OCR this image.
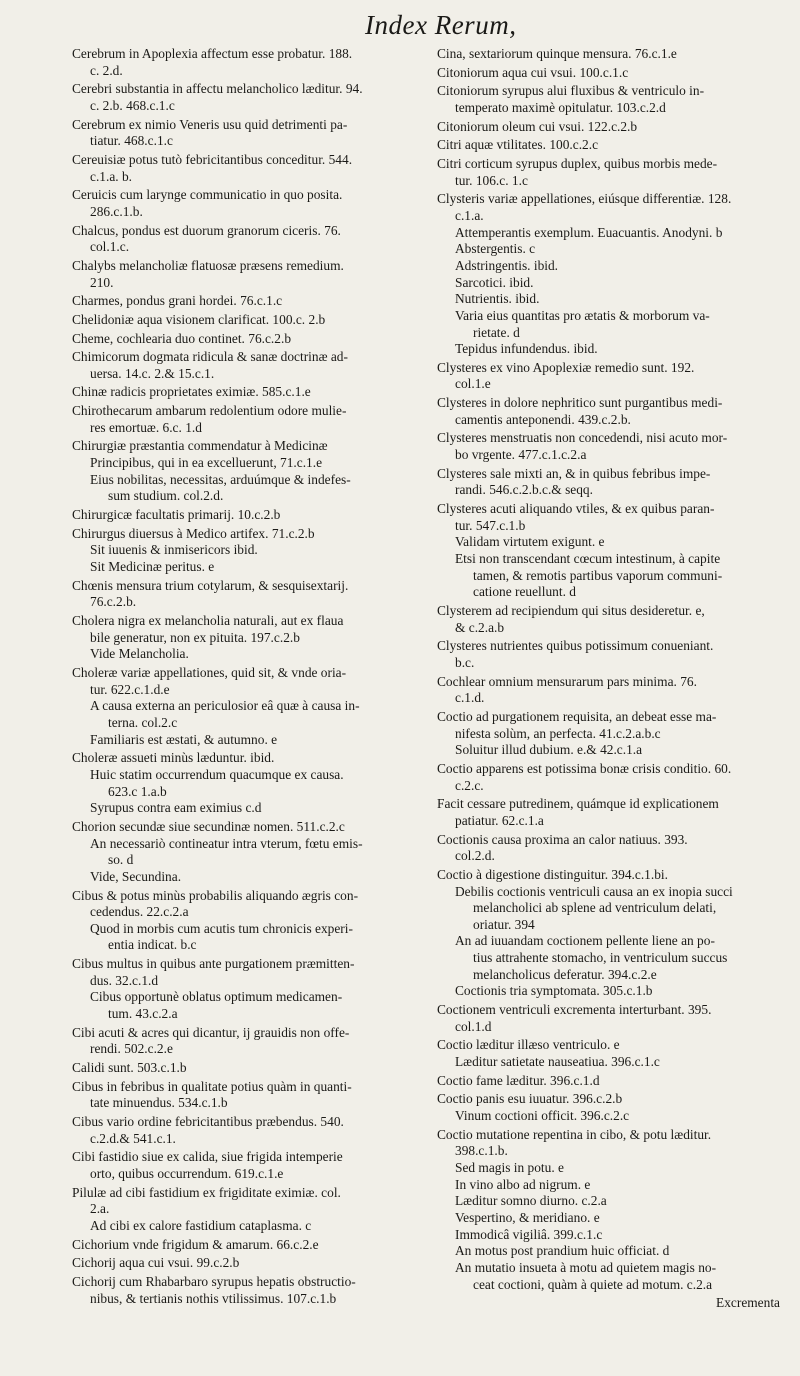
Index Rerum,
Cerebrum in Apoplexia affectum esse probatur. 188.
c. 2.d.
Cerebri substantia in affectu melancholico læditur. 94.
c. 2.b. 468.c.1.c
Cerebrum ex nimio Veneris usu quid detrimenti pa-
tiatur. 468.c.1.c
Cereuisiæ potus tutò febricitantibus conceditur. 544.
c.1.a. b.
Ceruicis cum larynge communicatio in quo posita.
286.c.1.b.
Chalcus, pondus est duorum granorum ciceris. 76.
col.1.c.
Chalybs melancholiæ flatuosæ præsens remedium.
210.
Charmes, pondus grani hordei. 76.c.1.c
Chelidoniæ aqua visionem clarificat. 100.c. 2.b
Cheme, cochlearia duo continet. 76.c.2.b
Chimicorum dogmata ridicula & sanæ doctrinæ ad-
uersa. 14.c. 2.& 15.c.1.
Chinæ radicis proprietates eximiæ. 585.c.1.e
Chirothecarum ambarum redolentium odore mulie-
res emortuæ. 6.c. 1.d
Chirurgiæ præstantia commendatur à Medicinæ
Principibus, qui in ea excelluerunt, 71.c.1.e
Eius nobilitas, necessitas, arduúmque & indefes-
sum studium. col.2.d.
Chirurgicæ facultatis primarij. 10.c.2.b
Chirurgus diuersus à Medico artifex. 71.c.2.b
Sit iuuenis & inmisericors ibid.
Sit Medicinæ peritus. e
Chœnis mensura trium cotylarum, & sesquisextarij.
76.c.2.b.
Cholera nigra ex melancholia naturali, aut ex flaua
bile generatur, non ex pituita. 197.c.2.b
Vide Melancholia.
Choleræ variæ appellationes, quid sit, & vnde oria-
tur. 622.c.1.d.e
A causa externa an periculosior eâ quæ à causa in-
terna. col.2.c
Familiaris est æstati, & autumno. e
Choleræ assueti minùs læduntur. ibid.
Huic statim occurrendum quacumque ex causa.
623.c 1.a.b
Syrupus contra eam eximius c.d
Chorion secundæ siue secundinæ nomen. 511.c.2.c
An necessariò contineatur intra vterum, fœtu emis-
so. d
Vide, Secundina.
Cibus & potus minùs probabilis aliquando ægris con-
cedendus. 22.c.2.a
Quod in morbis cum acutis tum chronicis experi-
entia indicat. b.c
Cibus multus in quibus ante purgationem præmitten-
dus. 32.c.1.d
Cibus opportunè oblatus optimum medicamen-
tum. 43.c.2.a
Cibi acuti & acres qui dicantur, ij grauidis non offe-
rendi. 502.c.2.e
Calidi sunt. 503.c.1.b
Cibus in febribus in qualitate potius quàm in quanti-
tate minuendus. 534.c.1.b
Cibus vario ordine febricitantibus præbendus. 540.
c.2.d.& 541.c.1.
Cibi fastidio siue ex calida, siue frigida intemperie
orto, quibus occurrendum. 619.c.1.e
Pilulæ ad cibi fastidium ex frigiditate eximiæ. col.
2.a.
Ad cibi ex calore fastidium cataplasma. c
Cichorium vnde frigidum & amarum. 66.c.2.e
Cichorij aqua cui vsui. 99.c.2.b
Cichorij cum Rhabarbaro syrupus hepatis obstructio-
nibus, & tertianis nothis vtilissimus. 107.c.1.b
Cina, sextariorum quinque mensura. 76.c.1.e
Citoniorum aqua cui vsui. 100.c.1.c
Citoniorum syrupus alui fluxibus & ventriculo in-
temperato maximè opitulatur. 103.c.2.d
Citoniorum oleum cui vsui. 122.c.2.b
Citri aquæ vtilitates. 100.c.2.c
Citri corticum syrupus duplex, quibus morbis mede-
tur. 106.c. 1.c
Clysteris variæ appellationes, eiúsque differentiæ. 128.
c.1.a.
Attemperantis exemplum. Euacuantis. Anodyni. b
Abstergentis. c
Adstringentis. ibid.
Sarcotici. ibid.
Nutrientis. ibid.
Varia eius quantitas pro ætatis & morborum va-
rietate. d
Tepidus infundendus. ibid.
Clysteres ex vino Apoplexiæ remedio sunt. 192.
col.1.e
Clysteres in dolore nephritico sunt purgantibus medi-
camentis anteponendi. 439.c.2.b.
Clysteres menstruatis non concedendi, nisi acuto mor-
bo vrgente. 477.c.1.c.2.a
Clysteres sale mixti an, & in quibus febribus impe-
randi. 546.c.2.b.c.& seqq.
Clysteres acuti aliquando vtiles, & ex quibus paran-
tur. 547.c.1.b
Validam virtutem exigunt. e
Etsi non transcendant cœcum intestinum, à capite
tamen, & remotis partibus vaporum communi-
catione reuellunt. d
Clysterem ad recipiendum qui situs desideretur. e,
& c.2.a.b
Clysteres nutrientes quibus potissimum conueniant.
b.c.
Cochlear omnium mensurarum pars minima. 76.
c.1.d.
Coctio ad purgationem requisita, an debeat esse ma-
nifesta solùm, an perfecta. 41.c.2.a.b.c
Soluitur illud dubium. e.& 42.c.1.a
Coctio apparens est potissima bonæ crisis conditio. 60.
c.2.c.
Facit cessare putredinem, quámque id explicationem
patiatur. 62.c.1.a
Coctionis causa proxima an calor natiuus. 393.
col.2.d.
Coctio à digestione distinguitur. 394.c.1.bi.
Debilis coctionis ventriculi causa an ex inopia succi
melancholici ab splene ad ventriculum delati,
oriatur. 394
An ad iuuandam coctionem pellente liene an po-
tius attrahente stomacho, in ventriculum succus
melancholicus deferatur. 394.c.2.e
Coctionis tria symptomata. 305.c.1.b
Coctionem ventriculi excrementa interturbant. 395.
col.1.d
Coctio læditur illæso ventriculo. e
Læditur satietate nauseatiua. 396.c.1.c
Coctio fame læditur. 396.c.1.d
Coctio panis esu iuuatur. 396.c.2.b
Vinum coctioni officit. 396.c.2.c
Coctio mutatione repentina in cibo, & potu læditur.
398.c.1.b.
Sed magis in potu. e
In vino albo ad nigrum. e
Læditur somno diurno. c.2.a
Vespertino, & meridiano. e
Immodicâ vigiliâ. 399.c.1.c
An motus post prandium huic officiat. d
An mutatio insueta à motu ad quietem magis no-
ceat coctioni, quàm à quiete ad motum. c.2.a
Excrementa
